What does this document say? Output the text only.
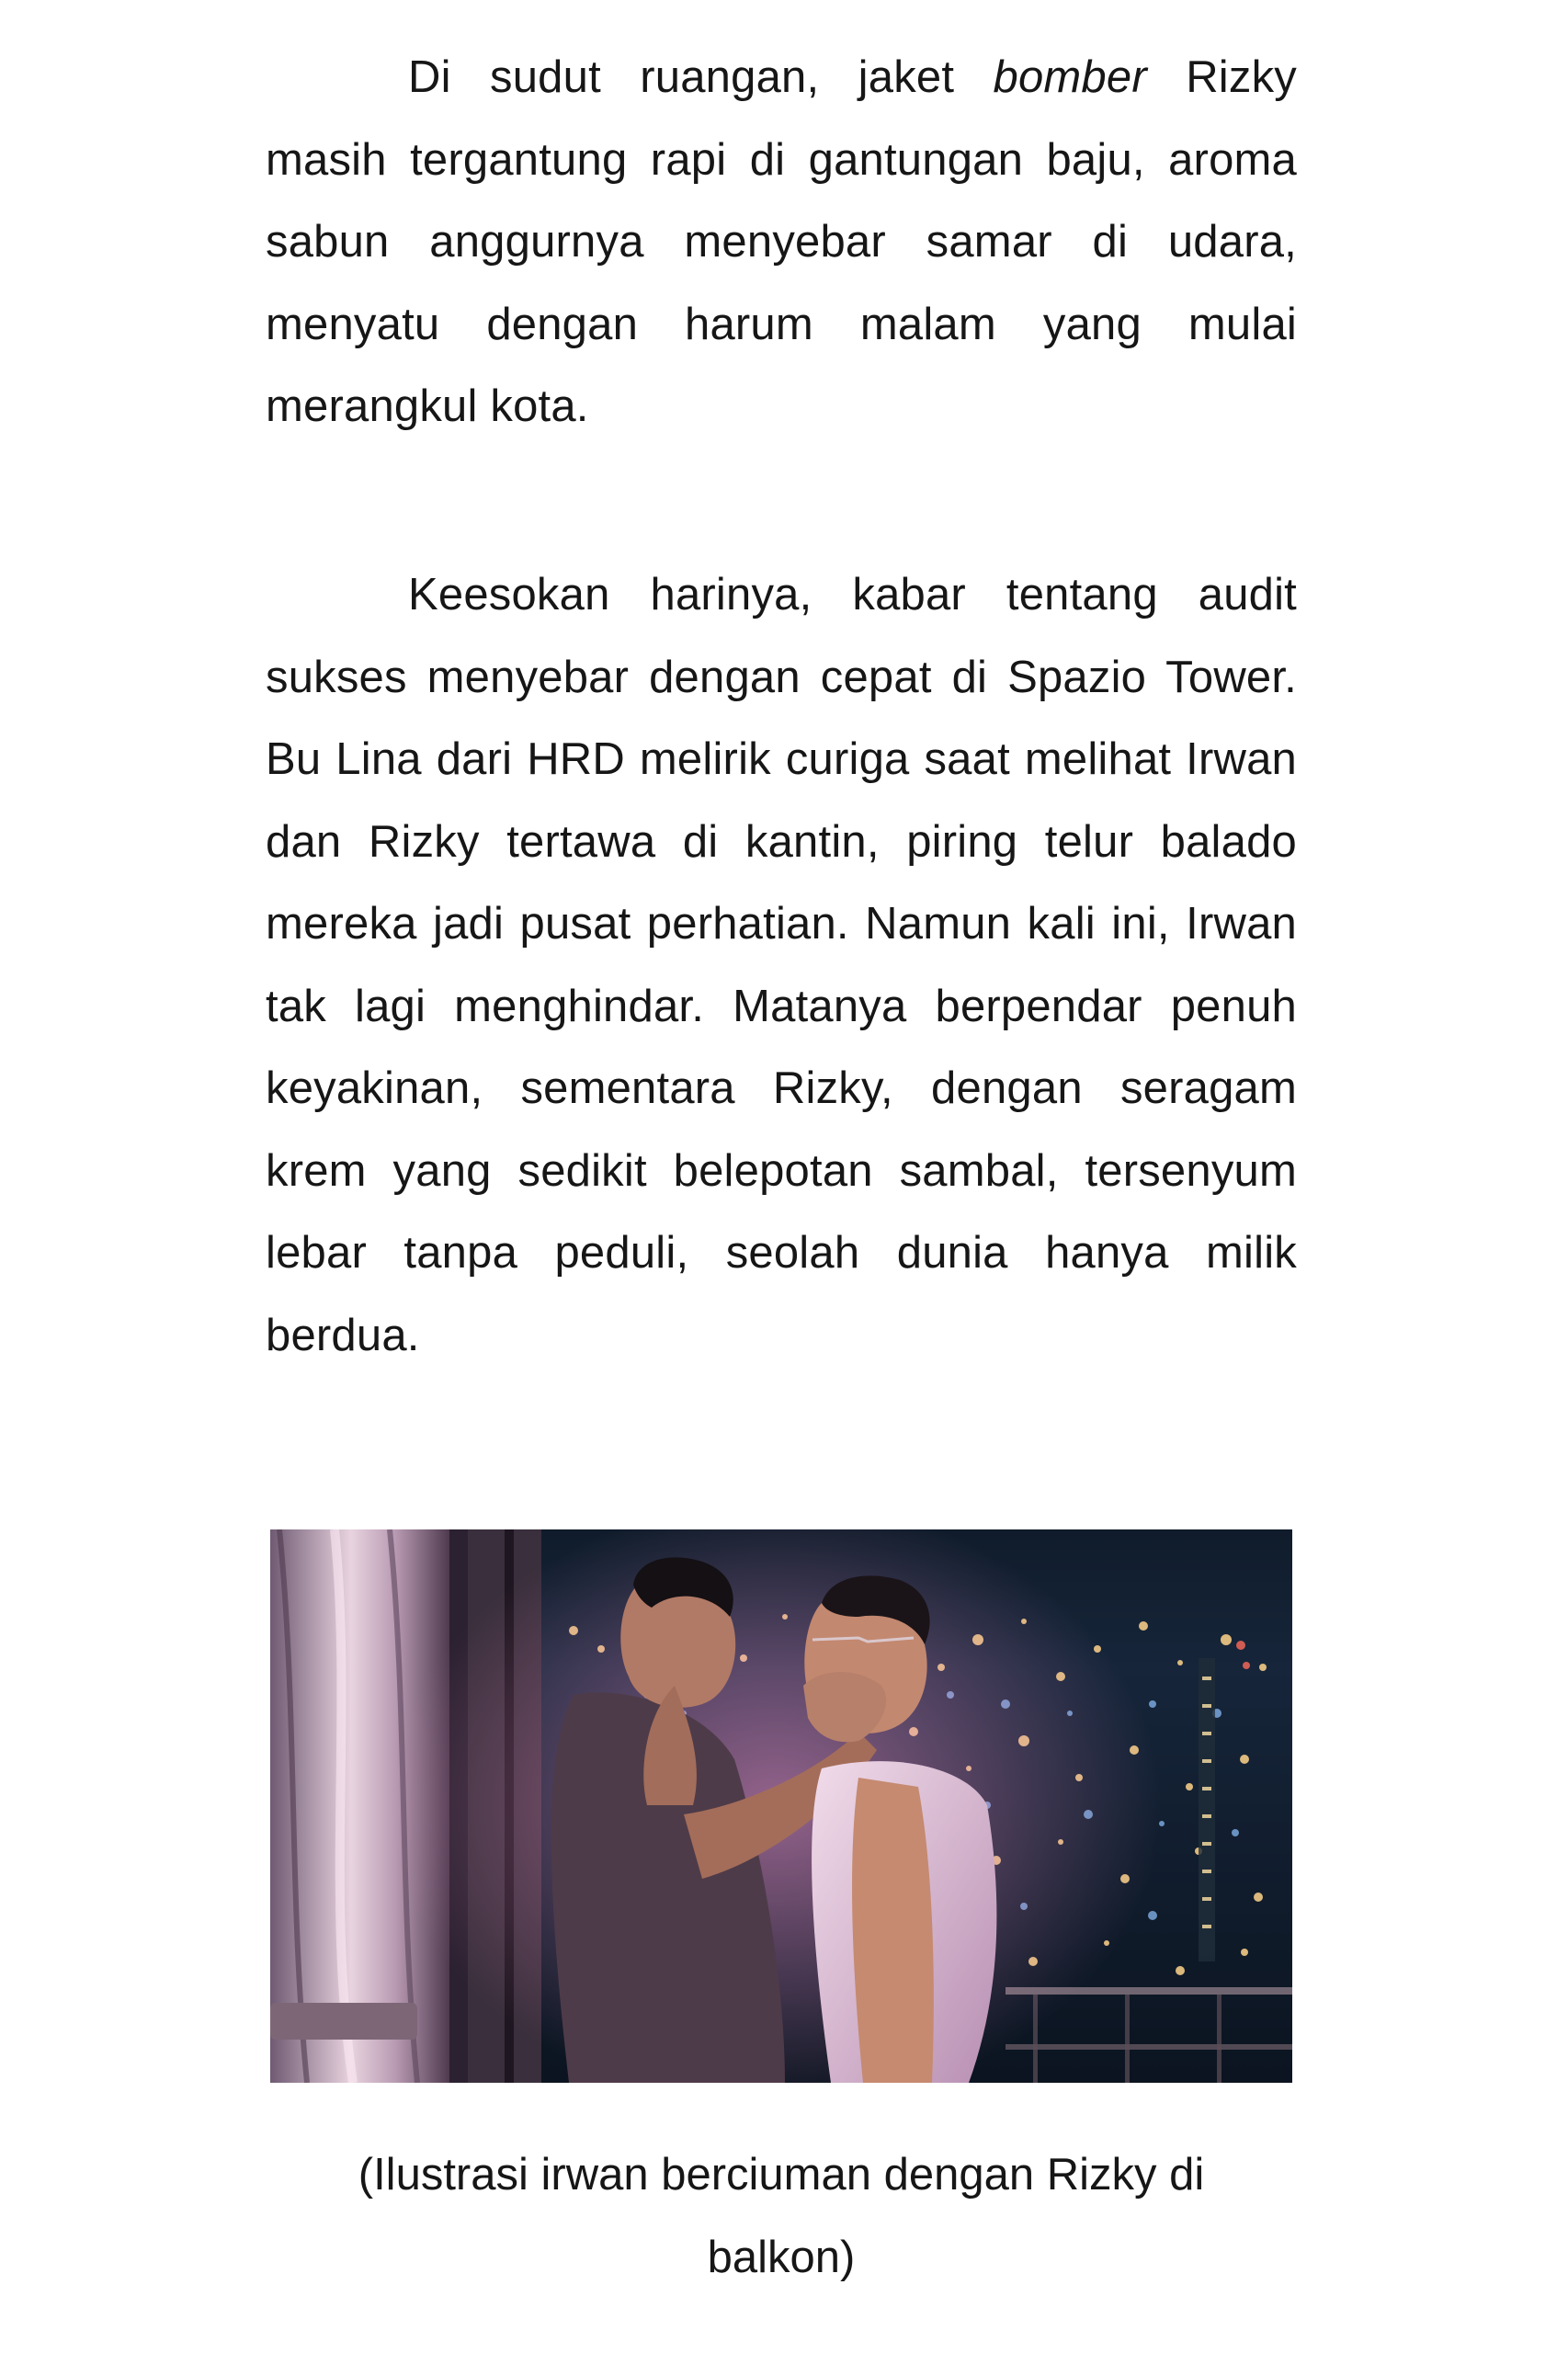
Di sudut ruangan, jaket bomber Rizky masih tergantung rapi di gantungan baju, aroma sabun anggurnya menyebar samar di udara, menyatu dengan harum malam yang mulai merangkul kota.

Keesokan harinya, kabar tentang audit sukses menyebar dengan cepat di Spazio Tower. Bu Lina dari HRD melirik curiga saat melihat Irwan dan Rizky tertawa di kantin, piring telur balado mereka jadi pusat perhatian. Namun kali ini, Irwan tak lagi menghindar. Matanya berpendar penuh keyakinan, sementara Rizky, dengan seragam krem yang sedikit belepotan sambal, tersenyum lebar tanpa peduli, seolah dunia hanya milik berdua.

(Ilustrasi irwan berciuman dengan Rizky di
balkon)
